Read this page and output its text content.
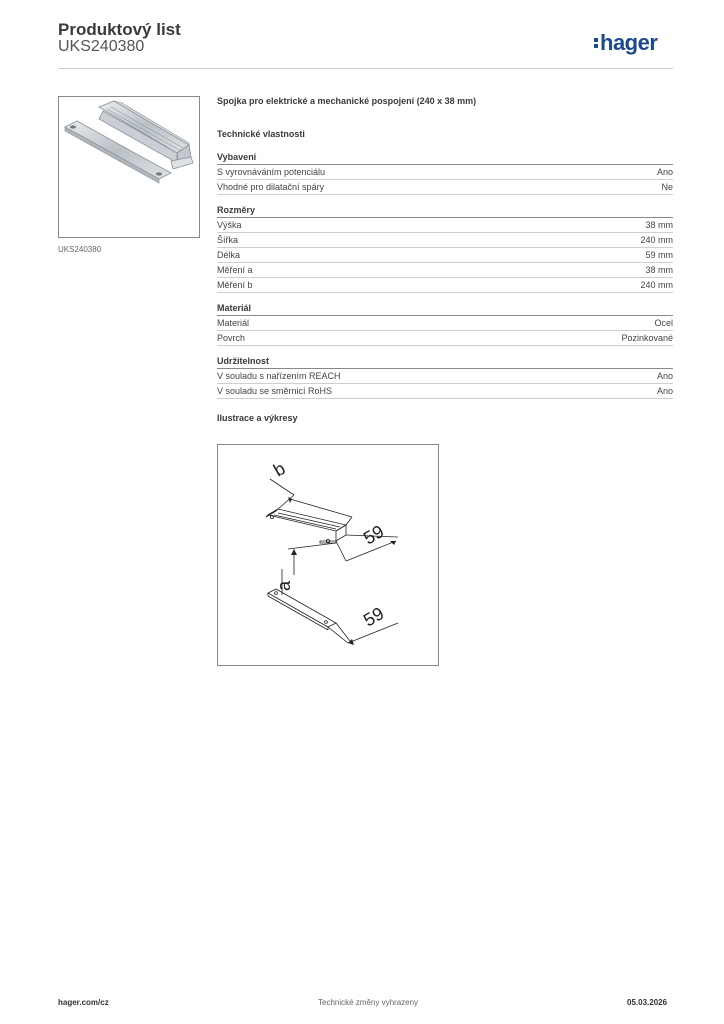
Produktový list
UKS240380	hager
UKS240380
Spojka pro elektrické a mechanické pospojení (240 x 38 mm)
Technické vlastnosti
Vybavení
S vyrovnáváním potenciálu	Ano
Vhodné pro dilatační spáry	Ne
Rozměry
Výška	38 mm
Šířka	240 mm
Délka	59 mm
Měření a	38 mm
Měření b	240 mm
Materiál
Materiál	Ocel
Povrch	Pozinkované
Udržitelnost
V souladu s nařízením REACH	Ano
V souladu se směrnicí RoHS	Ano
Ilustrace a výkresy
b
59
a
59
hager.com/cz	Technické změny vyhrazeny	05.03.2026
